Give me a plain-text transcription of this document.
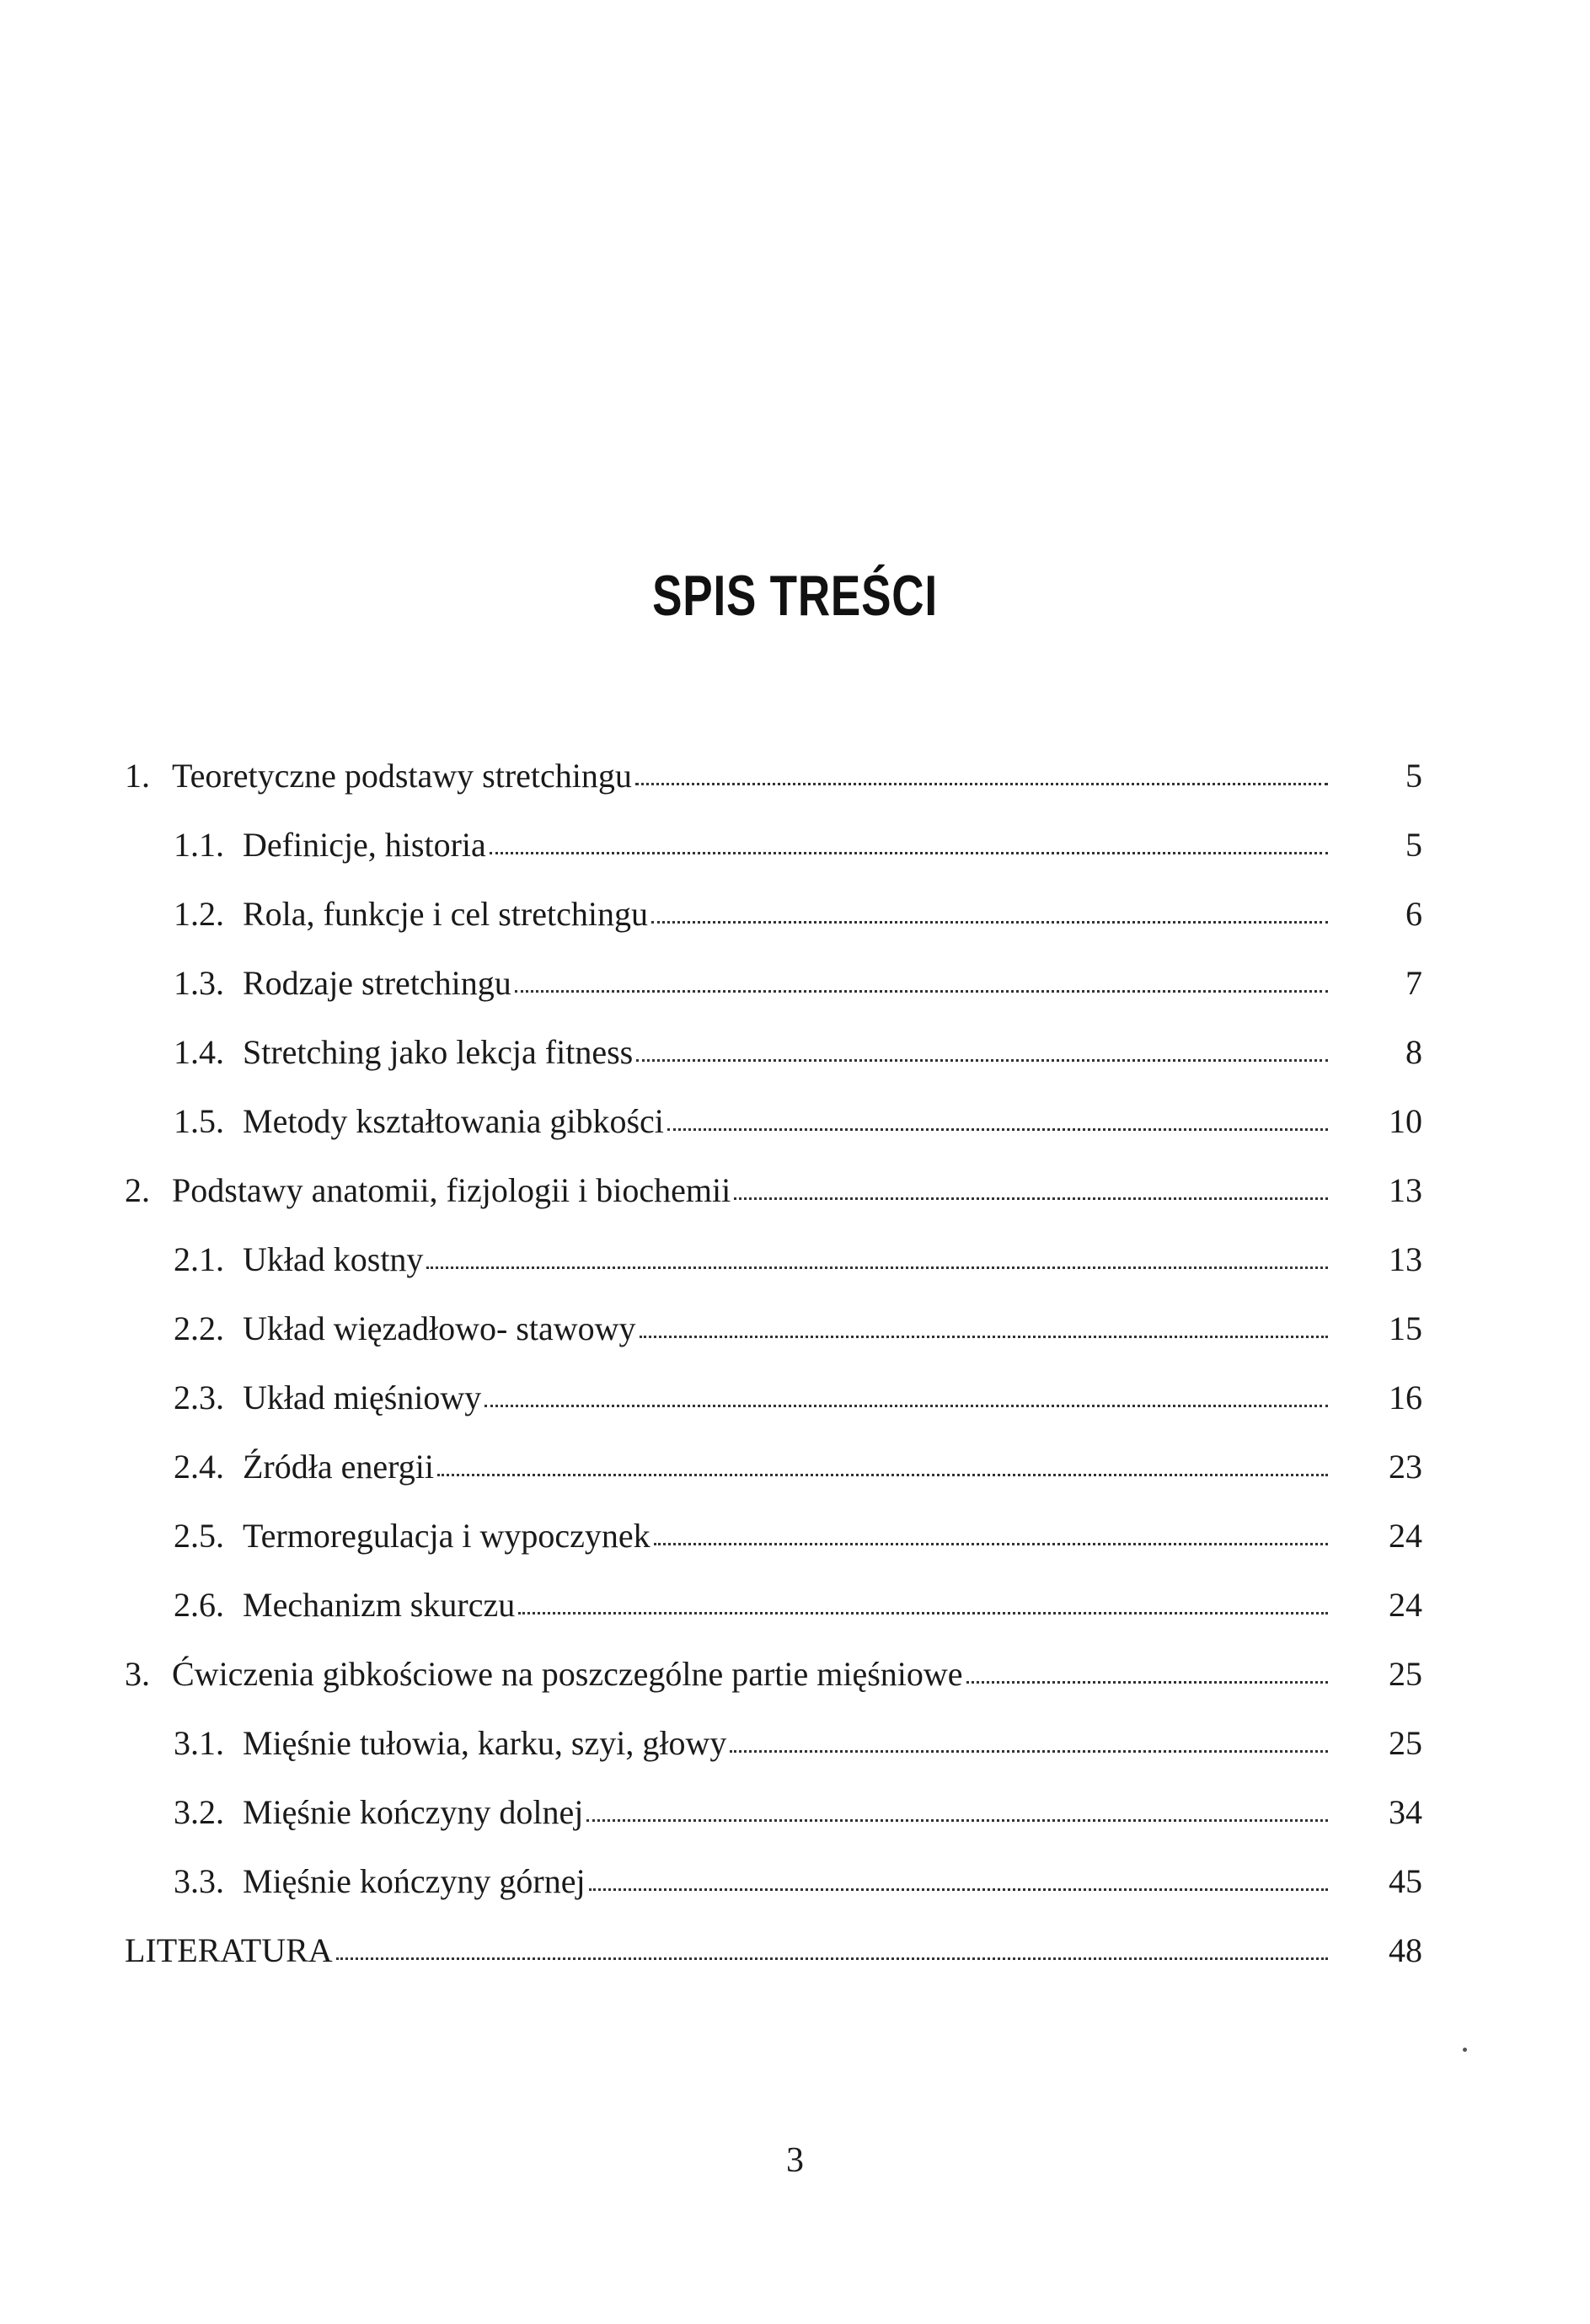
SPIS TREŚCI
1. Teoretyczne podstawy stretchingu	5
1.1. Definicje, historia	5
1.2. Rola, funkcje i cel stretchingu	6
1.3. Rodzaje stretchingu	7
1.4. Stretching jako lekcja fitness	8
1.5. Metody kształtowania gibkości	10
2. Podstawy anatomii, fizjologii i biochemii	13
2.1. Układ kostny	13
2.2. Układ więzadłowo- stawowy	15
2.3. Układ mięśniowy	16
2.4. Źródła energii	23
2.5. Termoregulacja i wypoczynek	24
2.6. Mechanizm skurczu	24
3. Ćwiczenia gibkościowe na poszczególne partie mięśniowe	25
3.1. Mięśnie tułowia, karku, szyi, głowy	25
3.2. Mięśnie kończyny dolnej	34
3.3. Mięśnie kończyny górnej	45
LITERATURA	48
3
